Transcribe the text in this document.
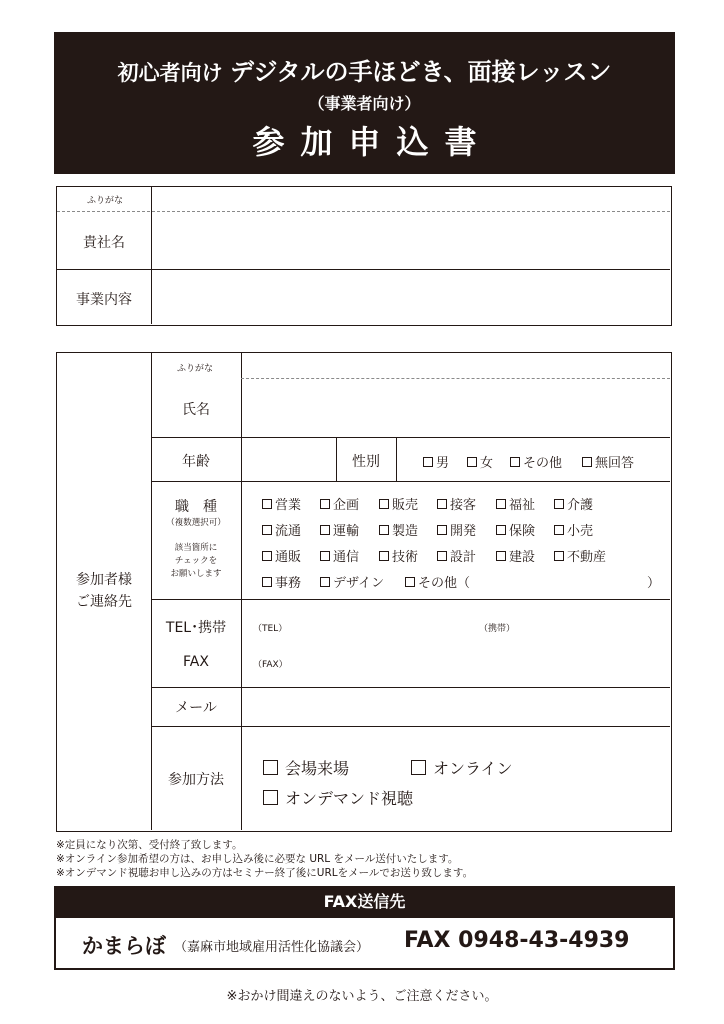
初心者向け デジタルの手ほどき、面接レッスン
（事業者向け）
参加申込書
ふりがな
貴社名
事業内容
参加者様
ご連絡先
ふりがな
氏名
年齢	性別	男 女 その他	無回答
職　種
（複数選択可）
該当箇所に
チェックを
お願いします
営業 企画	販売 接客	福祉 介護
流通 運輸	製造 開発	保険 小売
通販 通信	技術 設計	建設 不動産
事務 デザイン	その他（	）
TEL･携帯
FAX
（TEL）	（携帯）
（FAX）
メール
参加方法
会場来場	オンライン
オンデマンド視聴
※定員になり次第、受付終了致します。
※オンライン参加希望の方は、お申し込み後に必要な URL をメール送付いたします。
※オンデマンド視聴お申し込みの方はセミナー終了後にURLをメールでお送り致します。
FAX送信先
かまらぼ （嘉麻市地域雇用活性化協議会） FAX 0948-43-4939
※おかけ間違えのないよう、ご注意ください。
